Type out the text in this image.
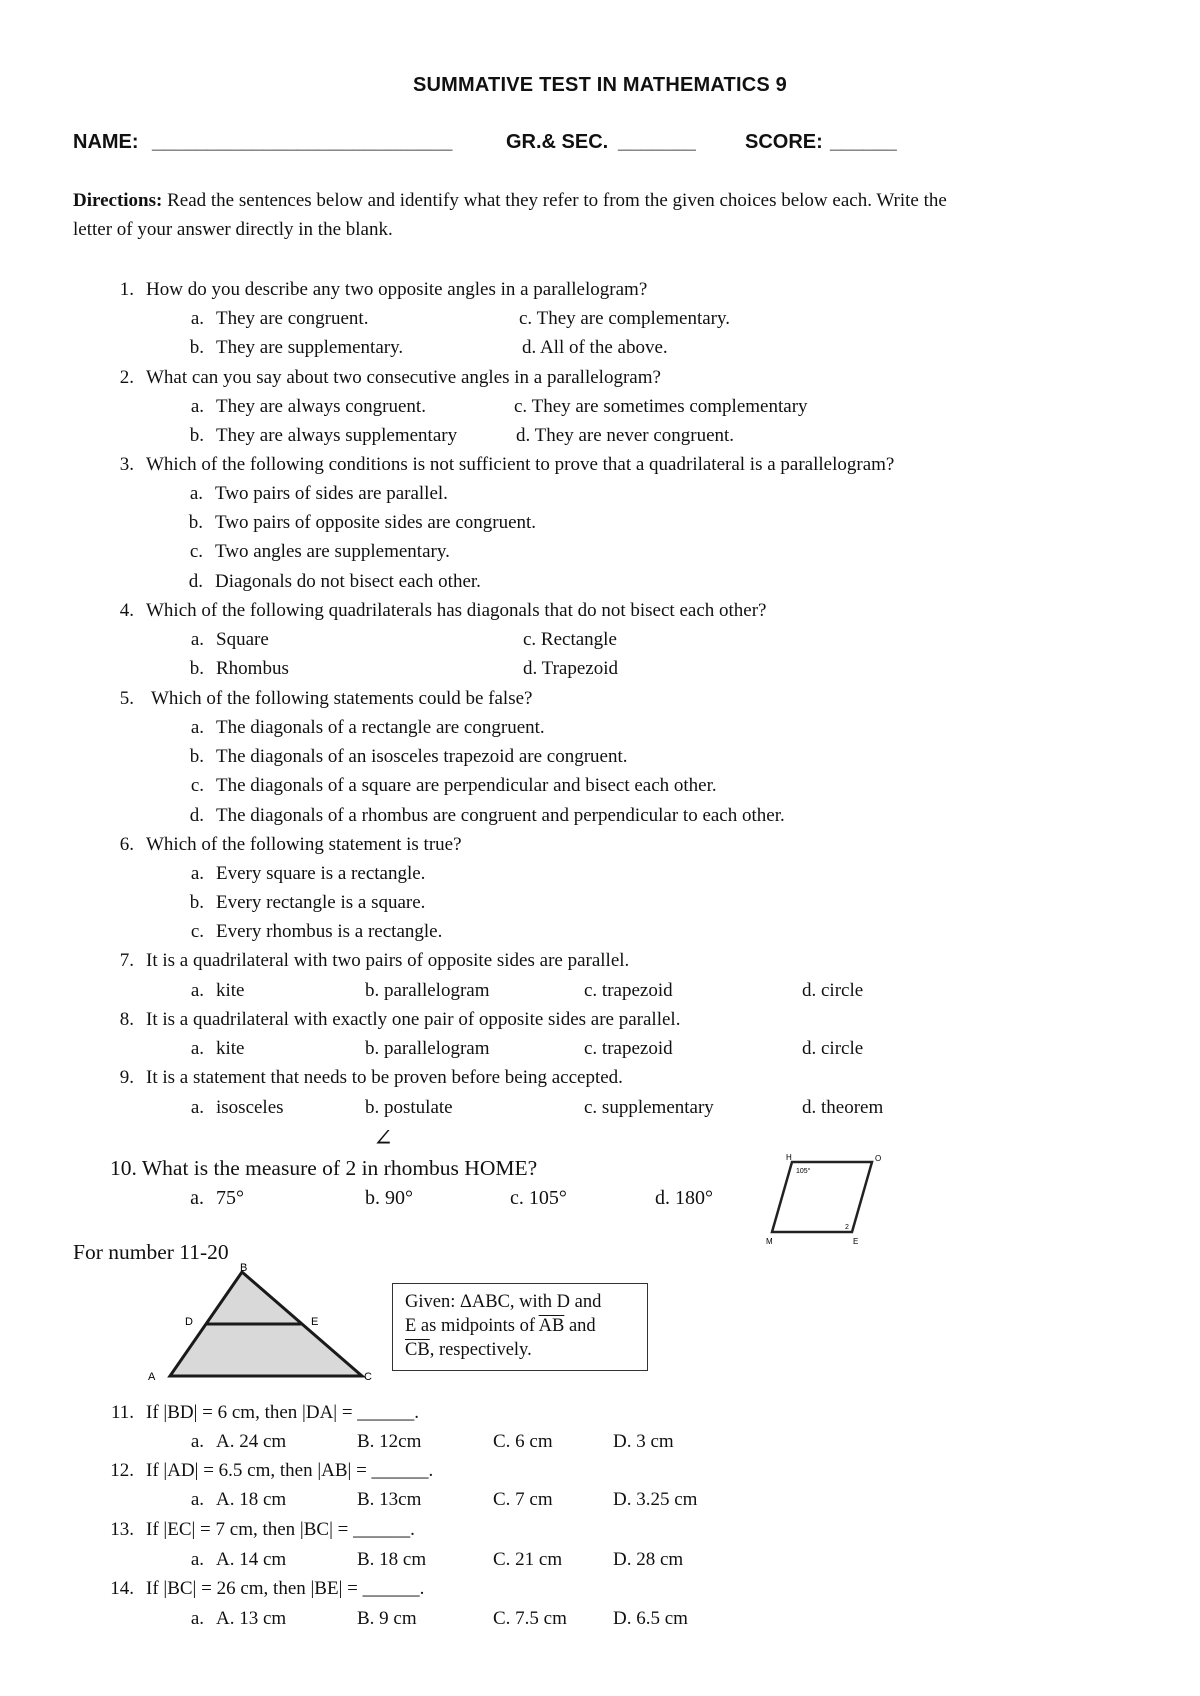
SUMMATIVE TEST IN MATHEMATICS 9
NAME: ___________________________	GR.& SEC. _______ SCORE: ______
Directions: Read the sentences below and identify what they refer to from the given choices below each. Write the
letter of your answer directly in the blank.
1. How do you describe any two opposite angles in a parallelogram?
a. They are congruent.	c. They are complementary.
b. They are supplementary.	d. All of the above.
2. What can you say about two consecutive angles in a parallelogram?
a. They are always congruent.	c. They are sometimes complementary
b. They are always supplementary	d. They are never congruent.
3. Which of the following conditions is not sufficient to prove that a quadrilateral is a parallelogram?
a. Two pairs of sides are parallel.
b. Two pairs of opposite sides are congruent.
c. Two angles are supplementary.
d. Diagonals do not bisect each other.
4. Which of the following quadrilaterals has diagonals that do not bisect each other?
a. Square	c. Rectangle
b. Rhombus	d. Trapezoid
5. Which of the following statements could be false?
a. The diagonals of a rectangle are congruent.
b. The diagonals of an isosceles trapezoid are congruent.
c. The diagonals of a square are perpendicular and bisect each other.
d. The diagonals of a rhombus are congruent and perpendicular to each other.
6. Which of the following statement is true?
a. Every square is a rectangle.
b. Every rectangle is a square.
c. Every rhombus is a rectangle.
7. It is a quadrilateral with two pairs of opposite sides are parallel.
a. kite	b. parallelogram	c. trapezoid	d. circle
8. It is a quadrilateral with exactly one pair of opposite sides are parallel.
a. kite	b. parallelogram	c. trapezoid	d. circle
9. It is a statement that needs to be proven before being accepted.
a. isosceles	b. postulate	c. supplementary	d. theorem
∠
10. What is the measure of 2 in rhombus HOME?
a. 75°	b. 90°	c. 105°	d. 180°
H	O
M	E
105°
2
For number 11-20
B
D	E
A	C
Given: ΔABC, with D and
E as midpoints of $\overline{AB}$ and
$\overline{CB}$, respectively.
11. If |BD| = 6 cm, then |DA| = ______.
a. A. 24 cm	B. 12cm	C. 6 cm	D. 3 cm
12. If |AD| = 6.5 cm, then |AB| = ______.
a. A. 18 cm	B. 13cm	C. 7 cm	D. 3.25 cm
13. If |EC| = 7 cm, then |BC| = ______.
a. A. 14 cm	B. 18 cm	C. 21 cm	D. 28 cm
14. If |BC| = 26 cm, then |BE| = ______.
a. A. 13 cm	B. 9 cm	C. 7.5 cm D. 6.5 cm
